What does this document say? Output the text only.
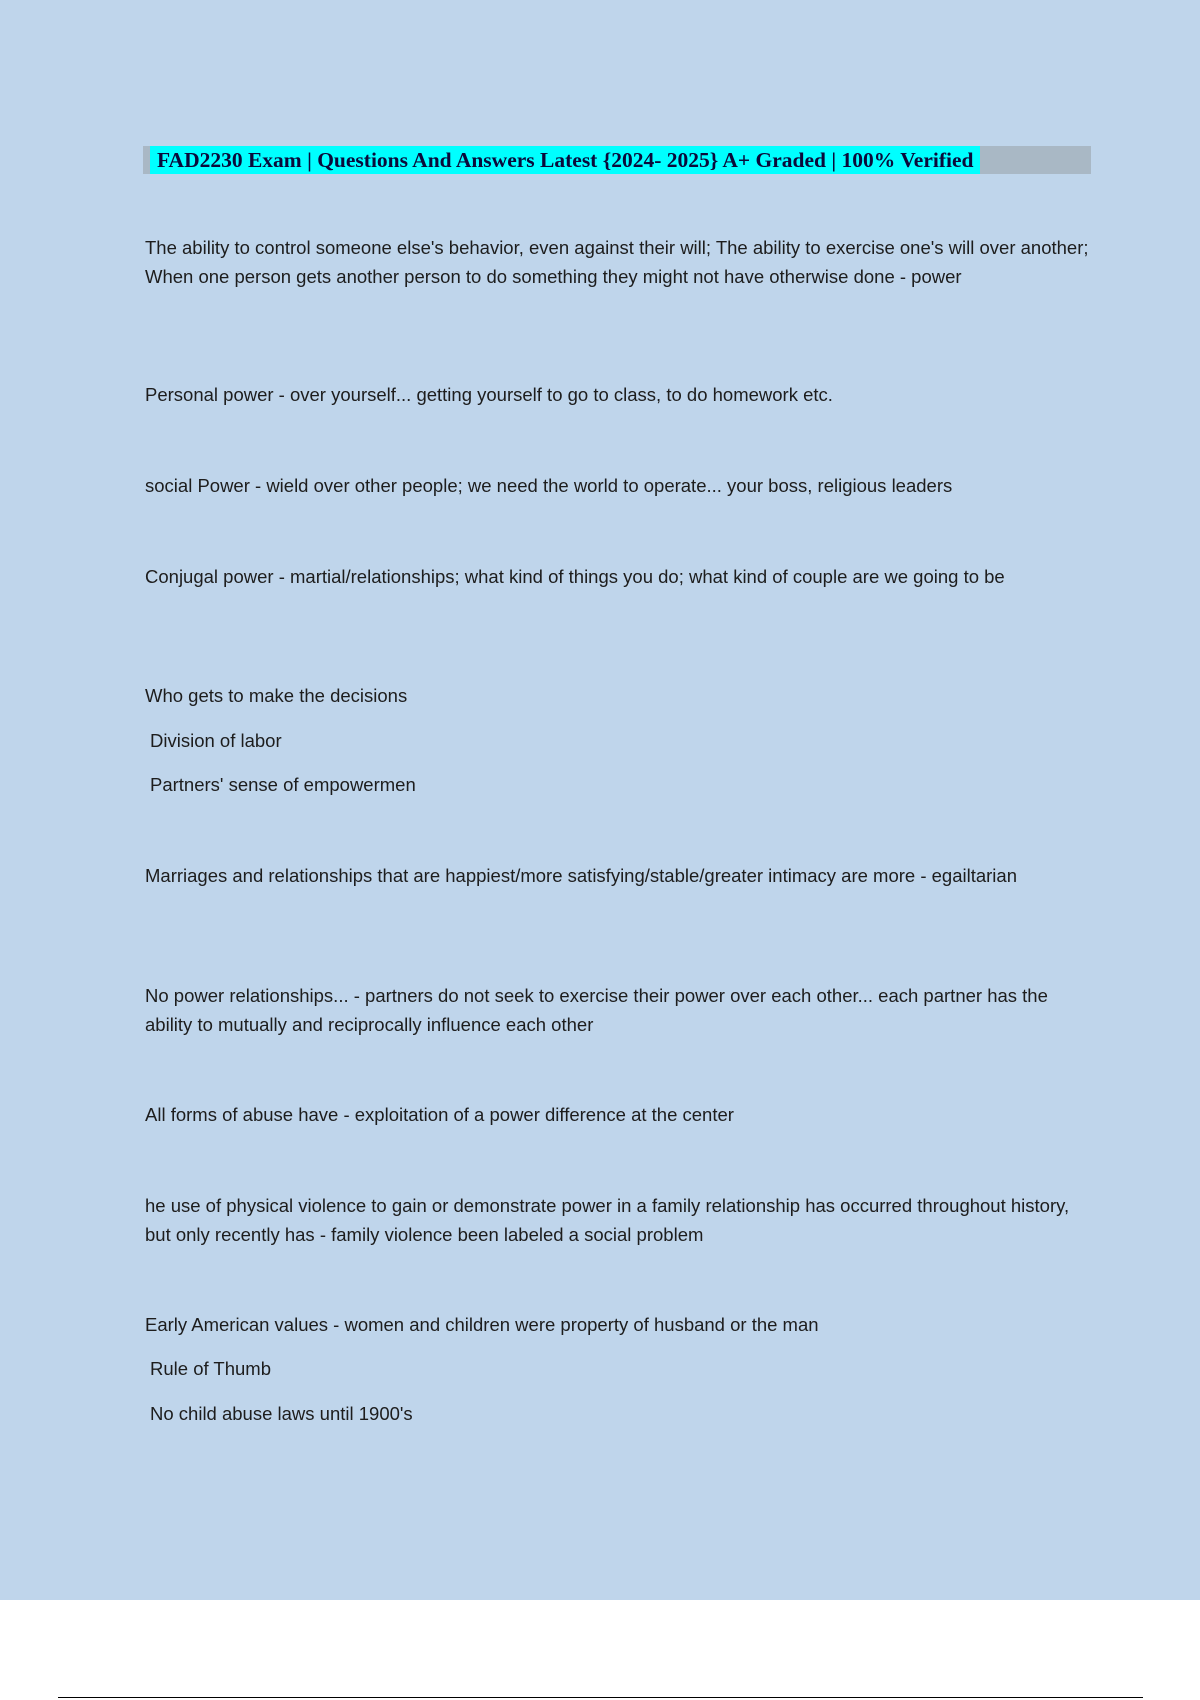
FAD2230 Exam | Questions And Answers Latest {2024- 2025} A+ Graded | 100% Verified
The ability to control someone else's behavior, even against their will; The ability to exercise one's will over another; When one person gets another person to do something they might not have otherwise done - power
Personal power - over yourself... getting yourself to go to class, to do homework etc.
social Power - wield over other people; we need the world to operate... your boss, religious leaders
Conjugal power - martial/relationships; what kind of things you do; what kind of couple are we going to be
Who gets to make the decisions
Division of labor
Partners' sense of empowermen
Marriages and relationships that are happiest/more satisfying/stable/greater intimacy are more - egailtarian
No power relationships... - partners do not seek to exercise their power over each other... each partner has the ability to mutually and reciprocally influence each other
All forms of abuse have - exploitation of a power difference at the center
he use of physical violence to gain or demonstrate power in a family relationship has occurred throughout history, but only recently has - family violence been labeled a social problem
Early American values - women and children were property of husband or the man
Rule of Thumb
No child abuse laws until 1900's
